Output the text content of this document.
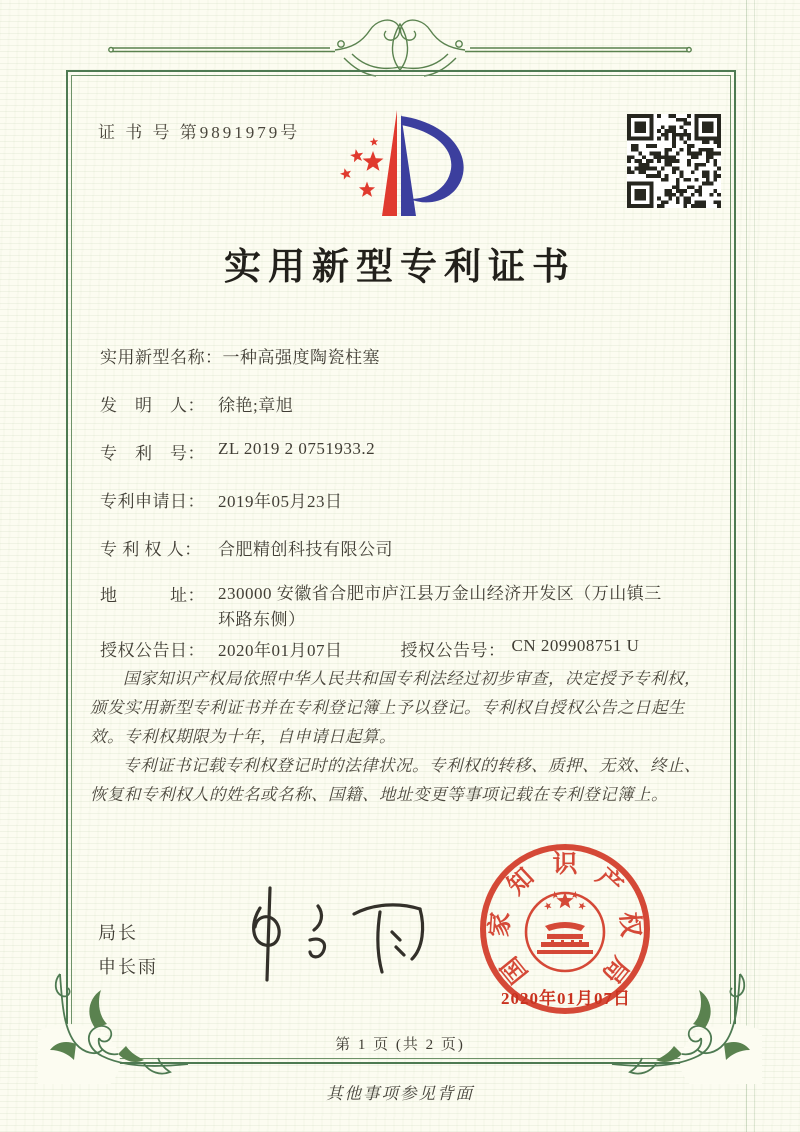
证 书 号 第9891979号
实用新型专利证书
实用新型名称： 一种高强度陶瓷柱塞
发　明　人： 徐艳;章旭
专　利　号： ZL 2019 2 0751933.2
专利申请日： 2019年05月23日
专 利 权 人： 合肥精创科技有限公司
地　　　址： 230000 安徽省合肥市庐江县万金山经济开发区（万山镇三环路东侧）
授权公告日： 2020年01月07日	授权公告号： CN 209908751 U

国家知识产权局依照中华人民共和国专利法经过初步审查，决定授予专利权，颁发实用新型专利证书并在专利登记簿上予以登记。专利权自授权公告之日起生效。专利权期限为十年，自申请日起算。

专利证书记载专利权登记时的法律状况。专利权的转移、质押、无效、终止、恢复和专利权人的姓名或名称、国籍、地址变更等事项记载在专利登记簿上。

局长
申长雨	国
家
知 识 产
权
局
2020年01月07日
第 1 页 (共 2 页)
其他事项参见背面
